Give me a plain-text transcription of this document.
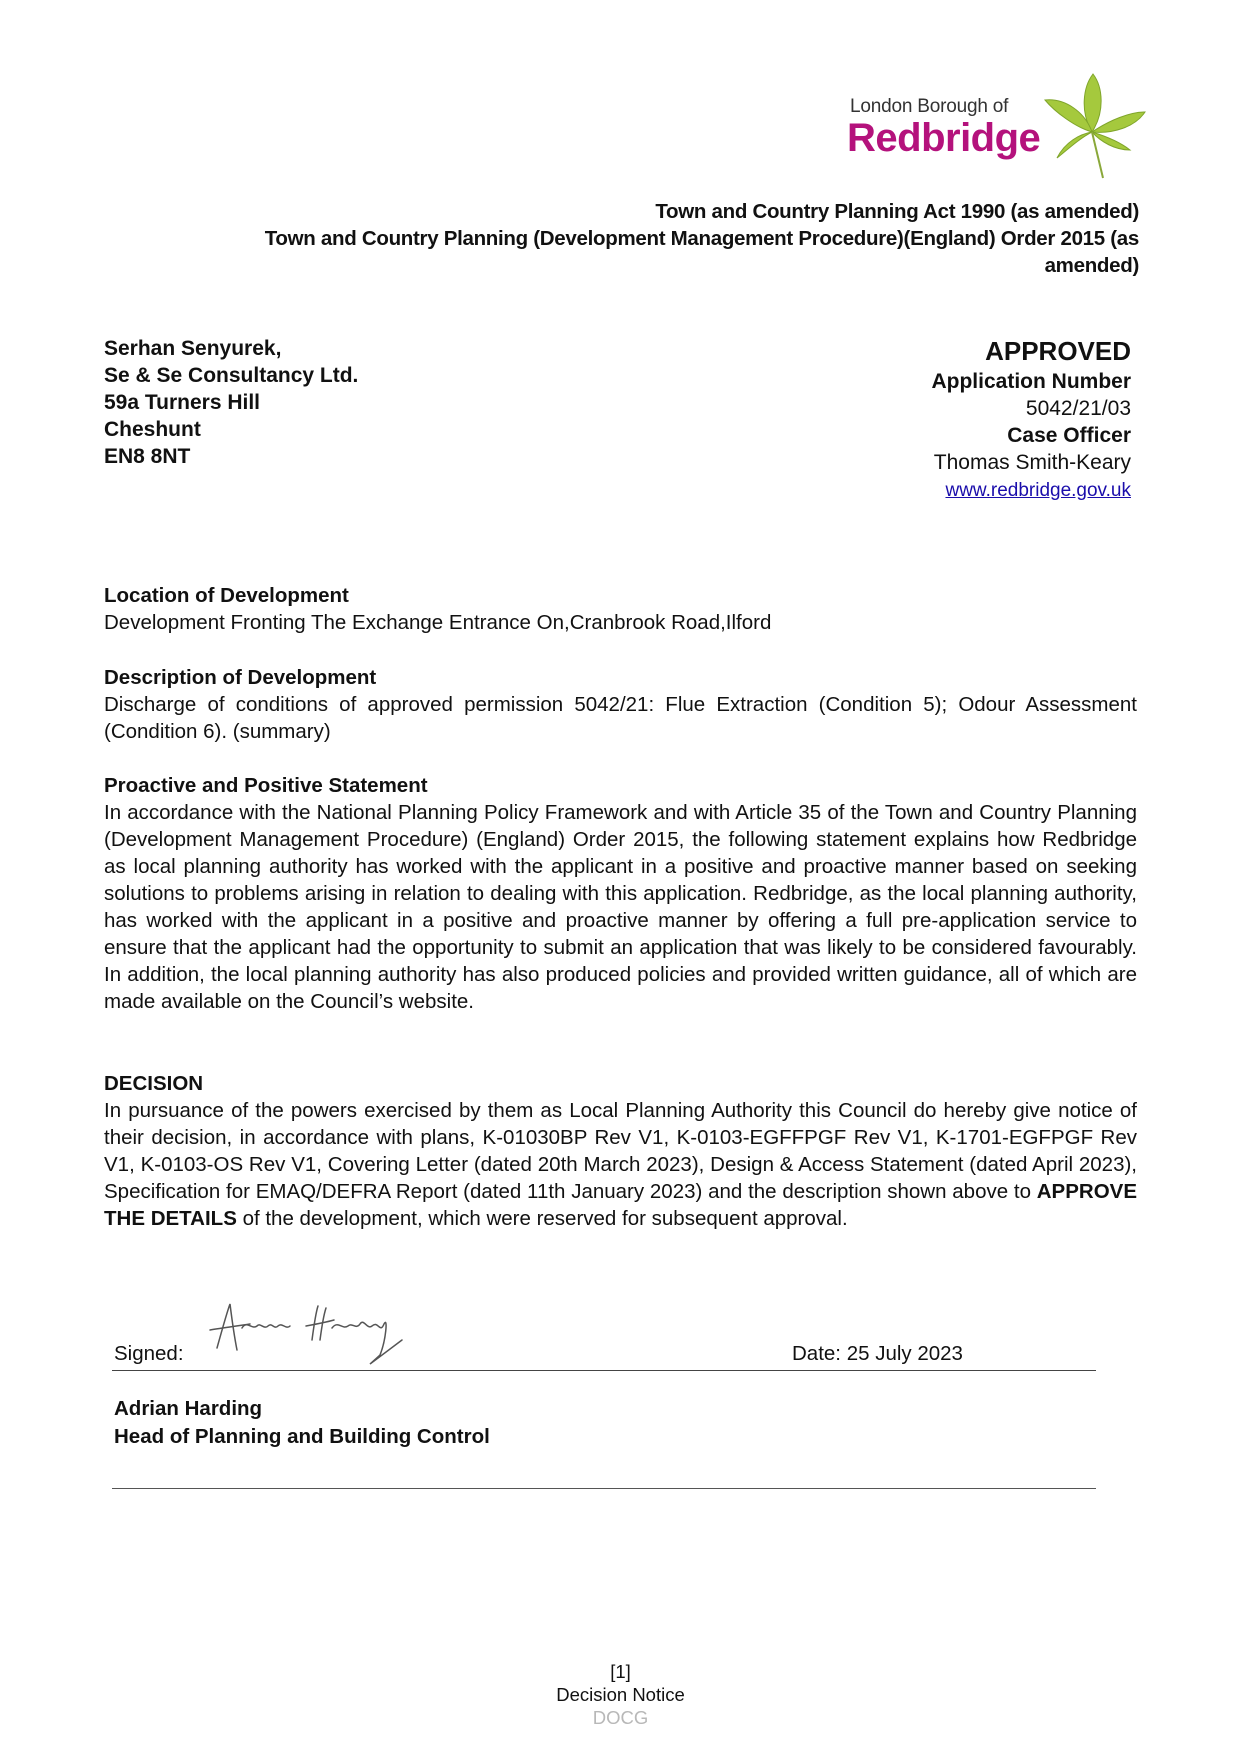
London Borough of
Redbridge
Town and Country Planning Act 1990 (as amended)
Town and Country Planning (Development Management Procedure)(England) Order 2015 (as
amended)
Serhan Senyurek,
Se & Se Consultancy Ltd.
59a Turners Hill
Cheshunt
EN8 8NT
APPROVED
Application Number
5042/21/03
Case Officer
Thomas Smith-Keary
www.redbridge.gov.uk
Location of Development

Development Fronting The Exchange Entrance On,Cranbrook Road,Ilford

Description of Development

Discharge of conditions of approved permission 5042/21: Flue Extraction (Condition 5); Odour Assessment (Condition 6). (summary)

Proactive and Positive Statement

In accordance with the National Planning Policy Framework and with Article 35 of the Town and Country Planning (Development Management Procedure) (England) Order 2015, the following statement explains how Redbridge as local planning authority has worked with the applicant in a positive and proactive manner based on seeking solutions to problems arising in relation to dealing with this application. Redbridge, as the local planning authority, has worked with the applicant in a positive and proactive manner by offering a full pre-application service to ensure that the applicant had the opportunity to submit an application that was likely to be considered favourably. In addition, the local planning authority has also produced policies and provided written guidance, all of which are made available on the Council’s website.

DECISION

In pursuance of the powers exercised by them as Local Planning Authority this Council do hereby give notice of their decision, in accordance with plans, K-01030BP Rev V1, K-0103-EGFFPGF Rev V1, K-1701-EGFPGF Rev V1, K-0103-OS Rev V1, Covering Letter (dated 20th March 2023), Design & Access Statement (dated April 2023), Specification for EMAQ/DEFRA Report (dated 11th January 2023) and the description shown above to APPROVE THE DETAILS of the development, which were reserved for subsequent approval.

Signed:	Date: 25 July 2023
Adrian Harding
Head of Planning and Building Control
[1]
Decision Notice
DOCG
